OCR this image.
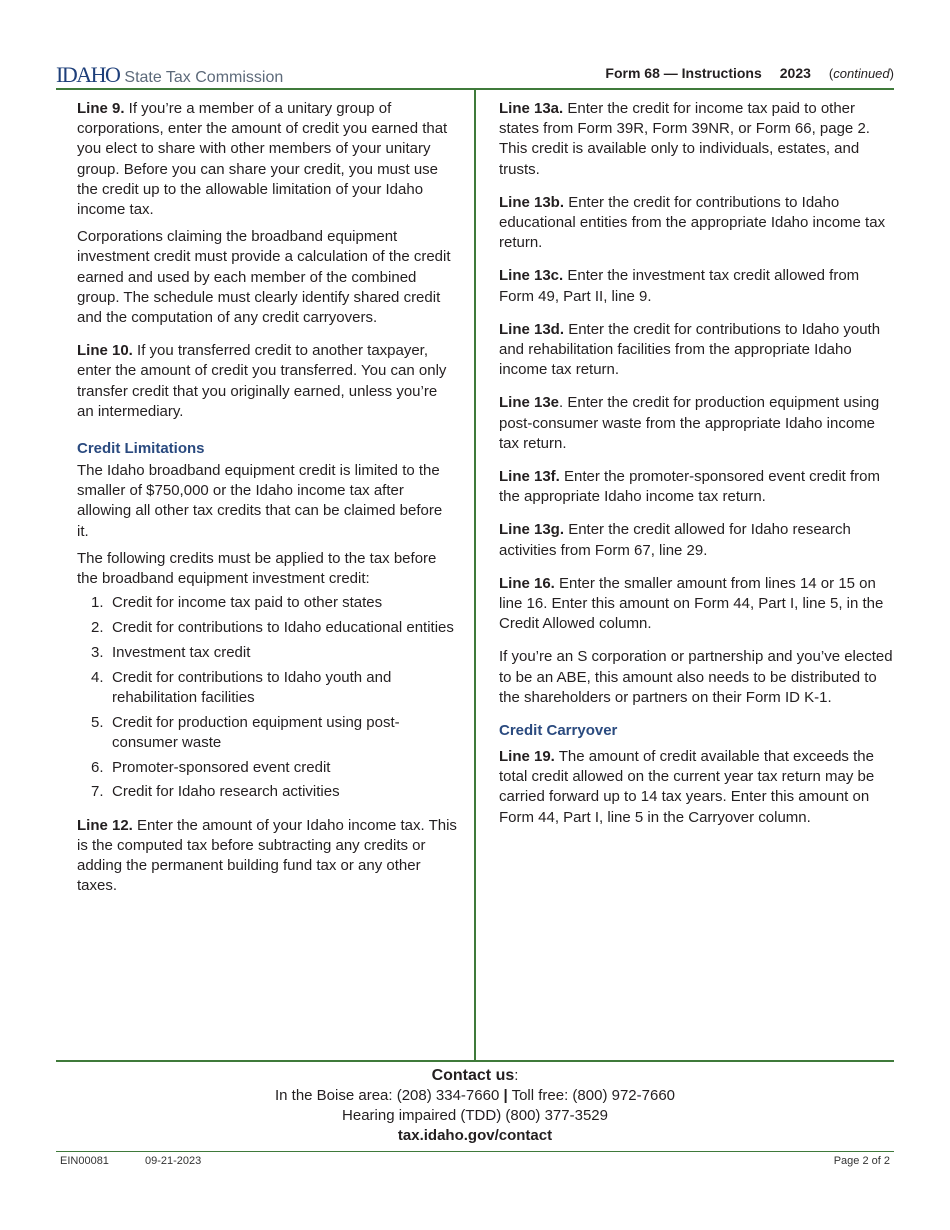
IDAHO State Tax Commission	Form 68 — Instructions 2023 (continued)

Line 9. If you’re a member of a unitary group of corporations, enter the amount of credit you earned that you elect to share with other members of your unitary group. Before you can share your credit, you must use the credit up to the allowable limitation of your Idaho income tax.

Corporations claiming the broadband equipment investment credit must provide a calculation of the credit earned and used by each member of the combined group. The schedule must clearly identify shared credit and the computation of any credit carryovers.

Line 10. If you transferred credit to another taxpayer, enter the amount of credit you transferred. You can only transfer credit that you originally earned, unless you’re an intermediary.

Credit Limitations

The Idaho broadband equipment credit is limited to the smaller of $750,000 or the Idaho income tax after allowing all other tax credits that can be claimed before it.

The following credits must be applied to the tax before the broadband equipment investment credit:

1. Credit for income tax paid to other states
2. Credit for contributions to Idaho educational entities
3. Investment tax credit
4. Credit for contributions to Idaho youth and rehabilitation facilities
5. Credit for production equipment using post-consumer waste
6. Promoter-sponsored event credit
7. Credit for Idaho research activities

Line 12. Enter the amount of your Idaho income tax. This is the computed tax before subtracting any credits or adding the permanent building fund tax or any other taxes.

Line 13a. Enter the credit for income tax paid to other states from Form 39R, Form 39NR, or Form 66, page 2. This credit is available only to individuals, estates, and trusts.

Line 13b. Enter the credit for contributions to Idaho educational entities from the appropriate Idaho income tax return.

Line 13c. Enter the investment tax credit allowed from Form 49, Part II, line 9.

Line 13d. Enter the credit for contributions to Idaho youth and rehabilitation facilities from the appropriate Idaho income tax return.

Line 13e. Enter the credit for production equipment using post-consumer waste from the appropriate Idaho income tax return.

Line 13f. Enter the promoter-sponsored event credit from the appropriate Idaho income tax return.

Line 13g. Enter the credit allowed for Idaho research activities from Form 67, line 29.

Line 16. Enter the smaller amount from lines 14 or 15 on line 16. Enter this amount on Form 44, Part I, line 5, in the Credit Allowed column.

If you’re an S corporation or partnership and you’ve elected to be an ABE, this amount also needs to be distributed to the shareholders or partners on their Form ID K-1.

Credit Carryover

Line 19. The amount of credit available that exceeds the total credit allowed on the current year tax return may be carried forward up to 14 tax years. Enter this amount on Form 44, Part I, line 5 in the Carryover column.

Contact us:
In the Boise area: (208) 334-7660 | Toll free: (800) 972-7660
Hearing impaired (TDD) (800) 377-3529
tax.idaho.gov/contact
EIN00081	09-21-2023	Page 2 of 2
